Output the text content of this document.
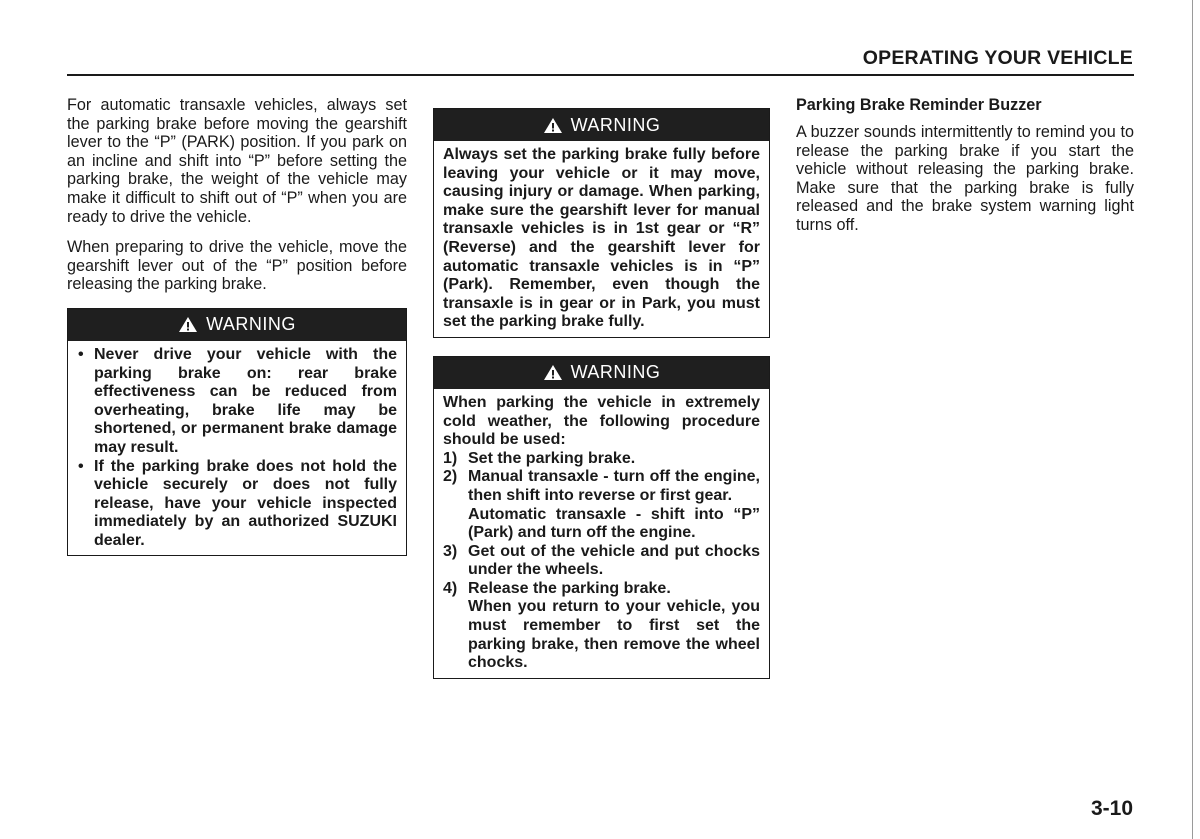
OPERATING YOUR VEHICLE

For automatic transaxle vehicles, always set the parking brake before moving the gearshift lever to the “P” (PARK) position. If you park on an incline and shift into “P” before setting the parking brake, the weight of the vehicle may make it difficult to shift out of “P” when you are ready to drive the vehicle.

When preparing to drive the vehicle, move the gearshift lever out of the “P” position before releasing the parking brake.

WARNING
• Never drive your vehicle with the parking brake on: rear brake effectiveness can be reduced from overheating, brake life may be shortened, or permanent brake damage may result.
• If the parking brake does not hold the vehicle securely or does not fully release, have your vehicle inspected immediately by an authorized SUZUKI dealer.
WARNING
Always set the parking brake fully before leaving your vehicle or it may move, causing injury or damage. When parking, make sure the gearshift lever for manual transaxle vehicles is in 1st gear or “R” (Reverse) and the gearshift lever for automatic transaxle vehicles is in “P” (Park). Remember, even though the transaxle is in gear or in Park, you must set the parking brake fully.
WARNING
When parking the vehicle in extremely cold weather, the following procedure should be used:
1) Set the parking brake.
2) Manual transaxle - turn off the engine, then shift into reverse or first gear.
Automatic transaxle - shift into “P” (Park) and turn off the engine.
3) Get out of the vehicle and put chocks under the wheels.
4) Release the parking brake.
When you return to your vehicle, you must remember to first set the parking brake, then remove the wheel chocks.
Parking Brake Reminder Buzzer

A buzzer sounds intermittently to remind you to release the parking brake if you start the vehicle without releasing the parking brake. Make sure that the parking brake is fully released and the brake system warning light turns off.

3-10
